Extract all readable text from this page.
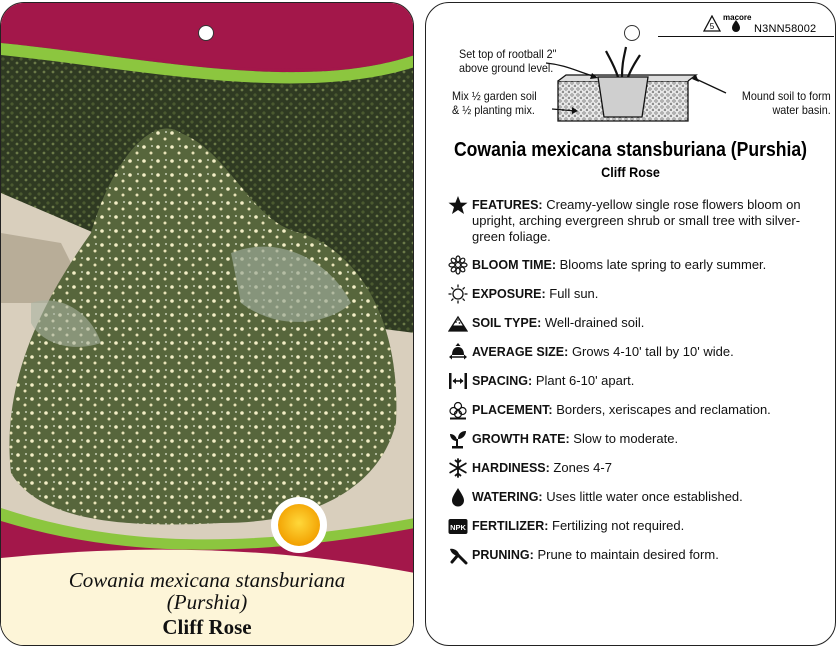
Cowania mexicana stansburiana
(Purshia)
Cliff Rose
5
macore
N3NN58002
Set top of rootball 2"
above ground level.
Mix ½ garden soil
& ½ planting mix.
Mound soil to form
water basin.
Cowania mexicana stansburiana (Purshia)
Cliff Rose
FEATURES: Creamy-yellow single rose flowers bloom on upright, arching evergreen shrub or small tree with silver-green foliage.
BLOOM TIME: Blooms late spring to early summer.
EXPOSURE: Full sun.
SOIL TYPE: Well-drained soil.
AVERAGE SIZE: Grows 4-10' tall by 10' wide.
SPACING: Plant 6-10' apart.
PLACEMENT: Borders, xeriscapes and reclamation.
GROWTH RATE: Slow to moderate.
HARDINESS: Zones 4-7
WATERING: Uses little water once established.
NPK FERTILIZER: Fertilizing not required.
PRUNING: Prune to maintain desired form.
